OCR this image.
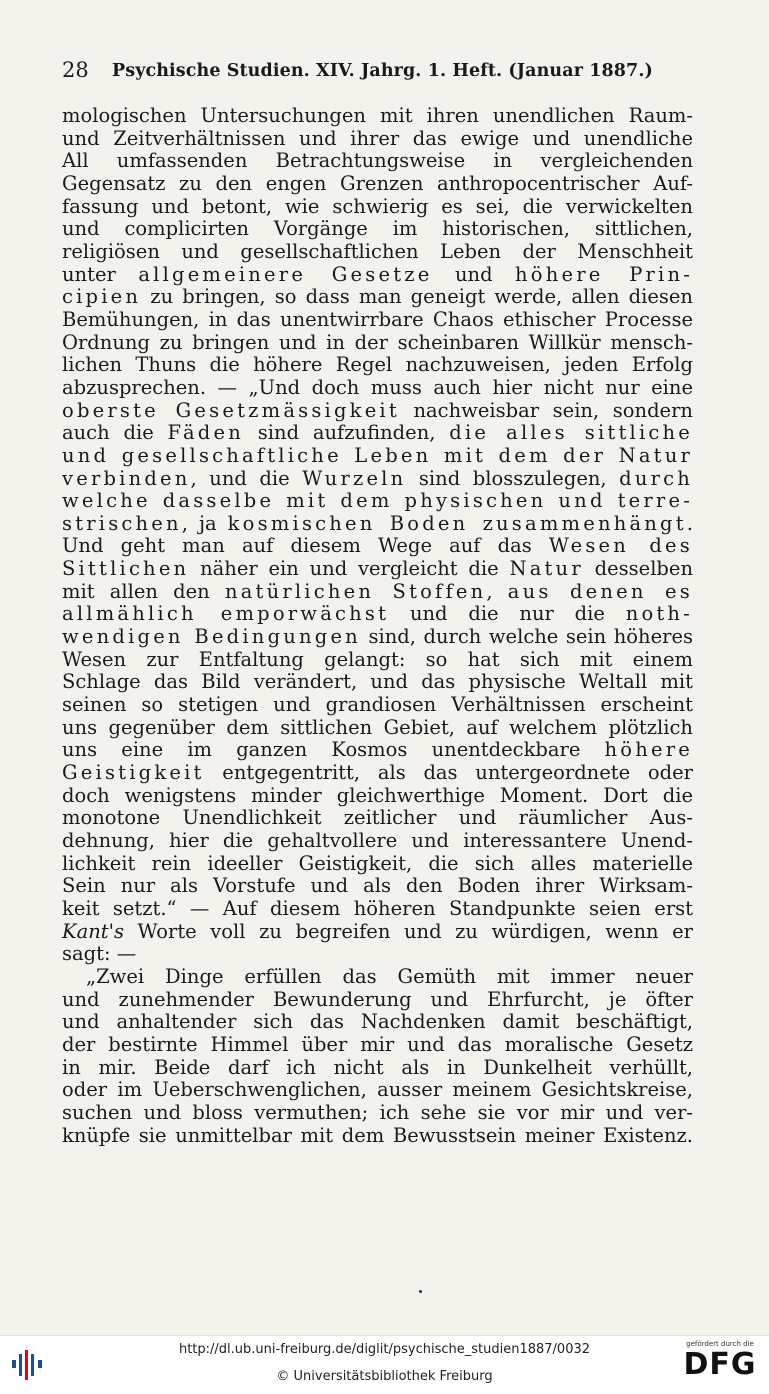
28 Psychische Studien. XIV. Jahrg. 1. Heft. (Januar 1887.)
mologischen Untersuchungen mit ihren unendlichen Raum-
und Zeitverhältnissen und ihrer das ewige und unendliche
All umfassenden Betrachtungsweise in vergleichenden
Gegensatz zu den engen Grenzen anthropocentrischer Auf-
fassung und betont, wie schwierig es sei, die verwickelten
und complicirten Vorgänge im historischen, sittlichen,
religiösen und gesellschaftlichen Leben der Menschheit
unter allgemeinere Gesetze und höhere Prin-
cipien zu bringen, so dass man geneigt werde, allen diesen
Bemühungen, in das unentwirrbare Chaos ethischer Processe
Ordnung zu bringen und in der scheinbaren Willkür mensch-
lichen Thuns die höhere Regel nachzuweisen, jeden Erfolg
abzusprechen. — „Und doch muss auch hier nicht nur eine
oberste Gesetzmässigkeit nachweisbar sein, sondern
auch die Fäden sind aufzufinden, die alles sittliche
und gesellschaftliche Leben mit dem der Natur
verbinden, und die Wurzeln sind blosszulegen, durch
welche dasselbe mit dem physischen und terre-
strischen, ja kosmischen Boden zusammenhängt.
Und geht man auf diesem Wege auf das Wesen des
Sittlichen näher ein und vergleicht die Natur desselben
mit allen den natürlichen Stoffen, aus denen es
allmählich emporwächst und die nur die noth-
wendigen Bedingungen sind, durch welche sein höheres
Wesen zur Entfaltung gelangt: so hat sich mit einem
Schlage das Bild verändert, und das physische Weltall mit
seinen so stetigen und grandiosen Verhältnissen erscheint
uns gegenüber dem sittlichen Gebiet, auf welchem plötzlich
uns eine im ganzen Kosmos unentdeckbare höhere
Geistigkeit entgegentritt, als das untergeordnete oder
doch wenigstens minder gleichwerthige Moment. Dort die
monotone Unendlichkeit zeitlicher und räumlicher Aus-
dehnung, hier die gehaltvollere und interessantere Unend-
lichkeit rein ideeller Geistigkeit, die sich alles materielle
Sein nur als Vorstufe und als den Boden ihrer Wirksam-
keit setzt.“ — Auf diesem höheren Standpunkte seien erst
Kant's Worte voll zu begreifen und zu würdigen, wenn er
sagt: —
„Zwei Dinge erfüllen das Gemüth mit immer neuer
und zunehmender Bewunderung und Ehrfurcht, je öfter
und anhaltender sich das Nachdenken damit beschäftigt,
der bestirnte Himmel über mir und das moralische Gesetz
in mir. Beide darf ich nicht als in Dunkelheit verhüllt,
oder im Ueberschwenglichen, ausser meinem Gesichtskreise,
suchen und bloss vermuthen; ich sehe sie vor mir und ver-
knüpfe sie unmittelbar mit dem Bewusstsein meiner Existenz.
http://dl.ub.uni-freiburg.de/diglit/psychische_studien1887/0032
© Universitätsbibliothek Freiburg
gefördert durch die
DFG
